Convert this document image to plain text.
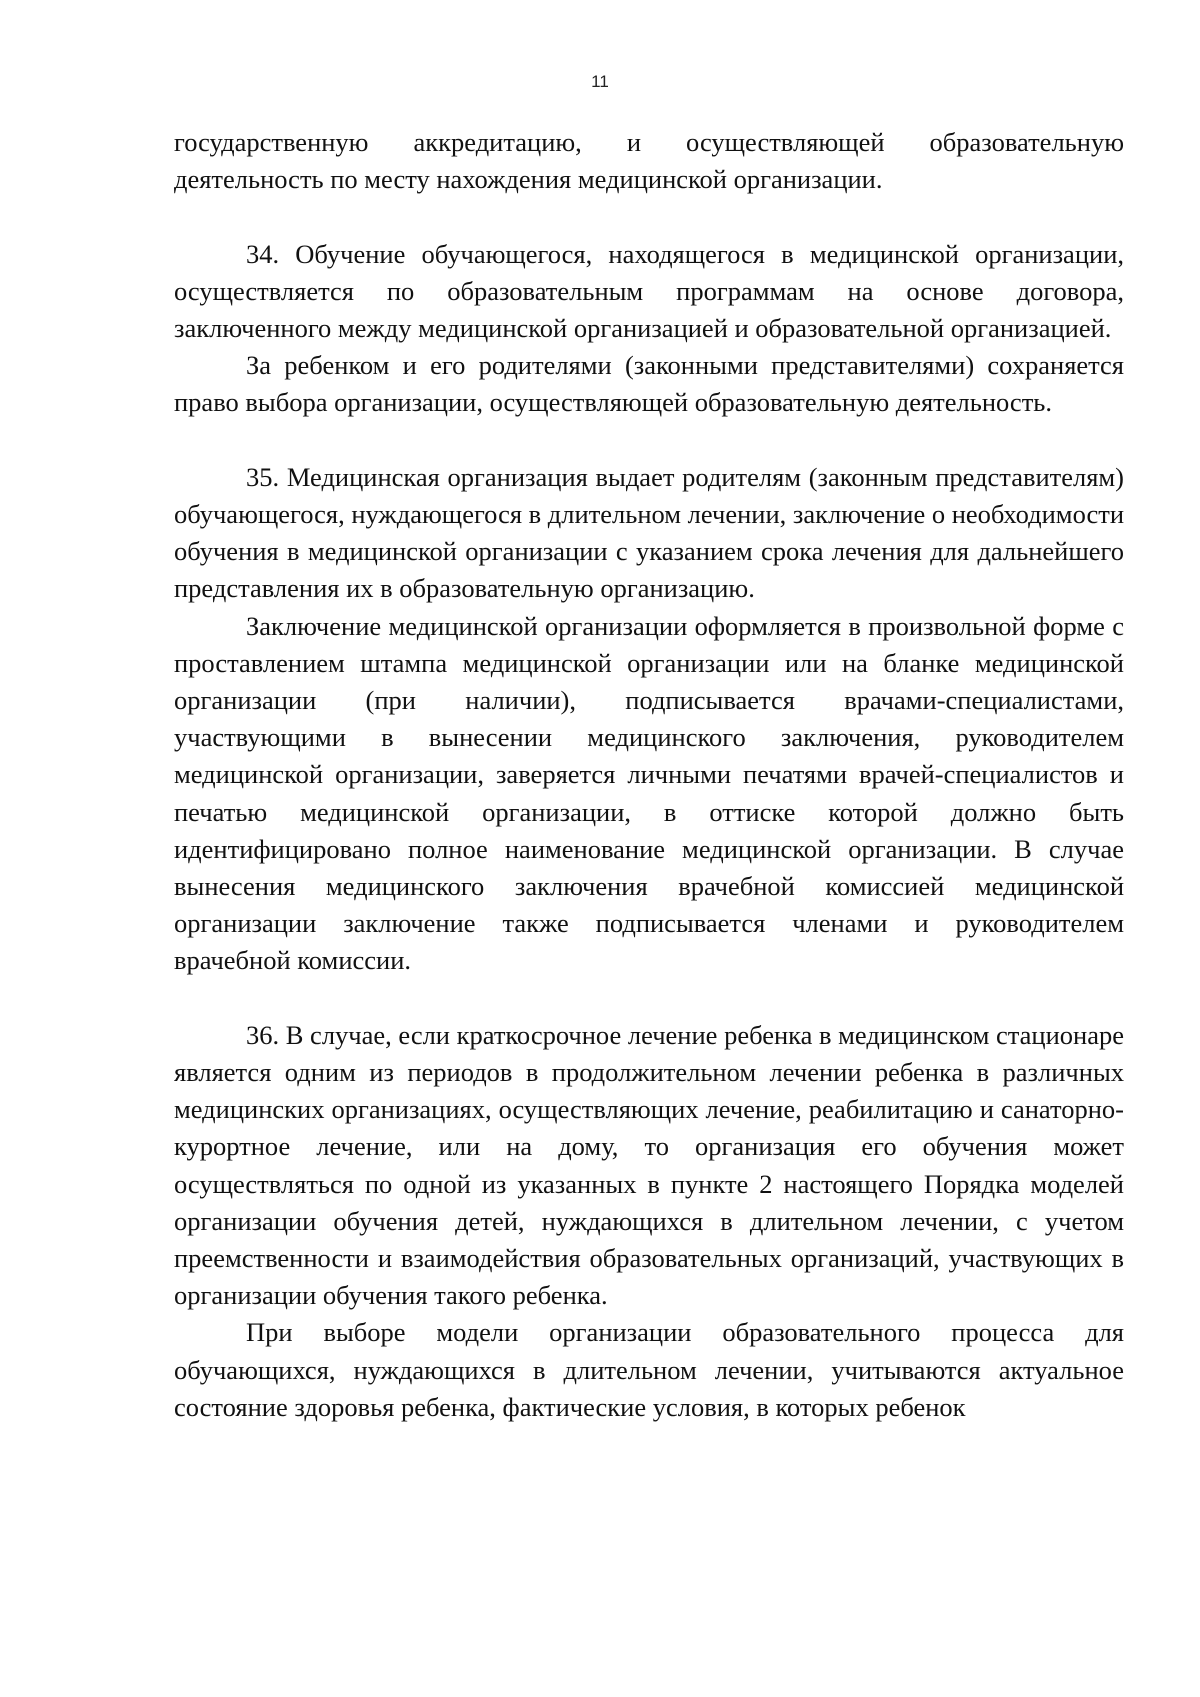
11

государственную аккредитацию, и осуществляющей образовательную деятельность по месту нахождения медицинской организации.

34. Обучение обучающегося, находящегося в медицинской организации, осуществляется по образовательным программам на основе договора, заключенного между медицинской организацией и образовательной организацией.

За ребенком и его родителями (законными представителями) сохраняется право выбора организации, осуществляющей образовательную деятельность.

35. Медицинская организация выдает родителям (законным представителям) обучающегося, нуждающегося в длительном лечении, заключение о необходимости обучения в медицинской организации с указанием срока лечения для дальнейшего представления их в образовательную организацию.

Заключение медицинской организации оформляется в произвольной форме с проставлением штампа медицинской организации или на бланке медицинской организации (при наличии), подписывается врачами-специалистами, участвующими в вынесении медицинского заключения, руководителем медицинской организации, заверяется личными печатями врачей-специалистов и печатью медицинской организации, в оттиске которой должно быть идентифицировано полное наименование медицинской организации. В случае вынесения медицинского заключения врачебной комиссией медицинской организации заключение также подписывается членами и руководителем врачебной комиссии.

36. В случае, если краткосрочное лечение ребенка в медицинском стационаре является одним из периодов в продолжительном лечении ребенка в различных медицинских организациях, осуществляющих лечение, реабилитацию и санаторно-курортное лечение, или на дому, то организация его обучения может осуществляться по одной из указанных в пункте 2 настоящего Порядка моделей организации обучения детей, нуждающихся в длительном лечении, с учетом преемственности и взаимодействия образовательных организаций, участвующих в организации обучения такого ребенка.

При выборе модели организации образовательного процесса для обучающихся, нуждающихся в длительном лечении, учитываются актуальное состояние здоровья ребенка, фактические условия, в которых ребенок
